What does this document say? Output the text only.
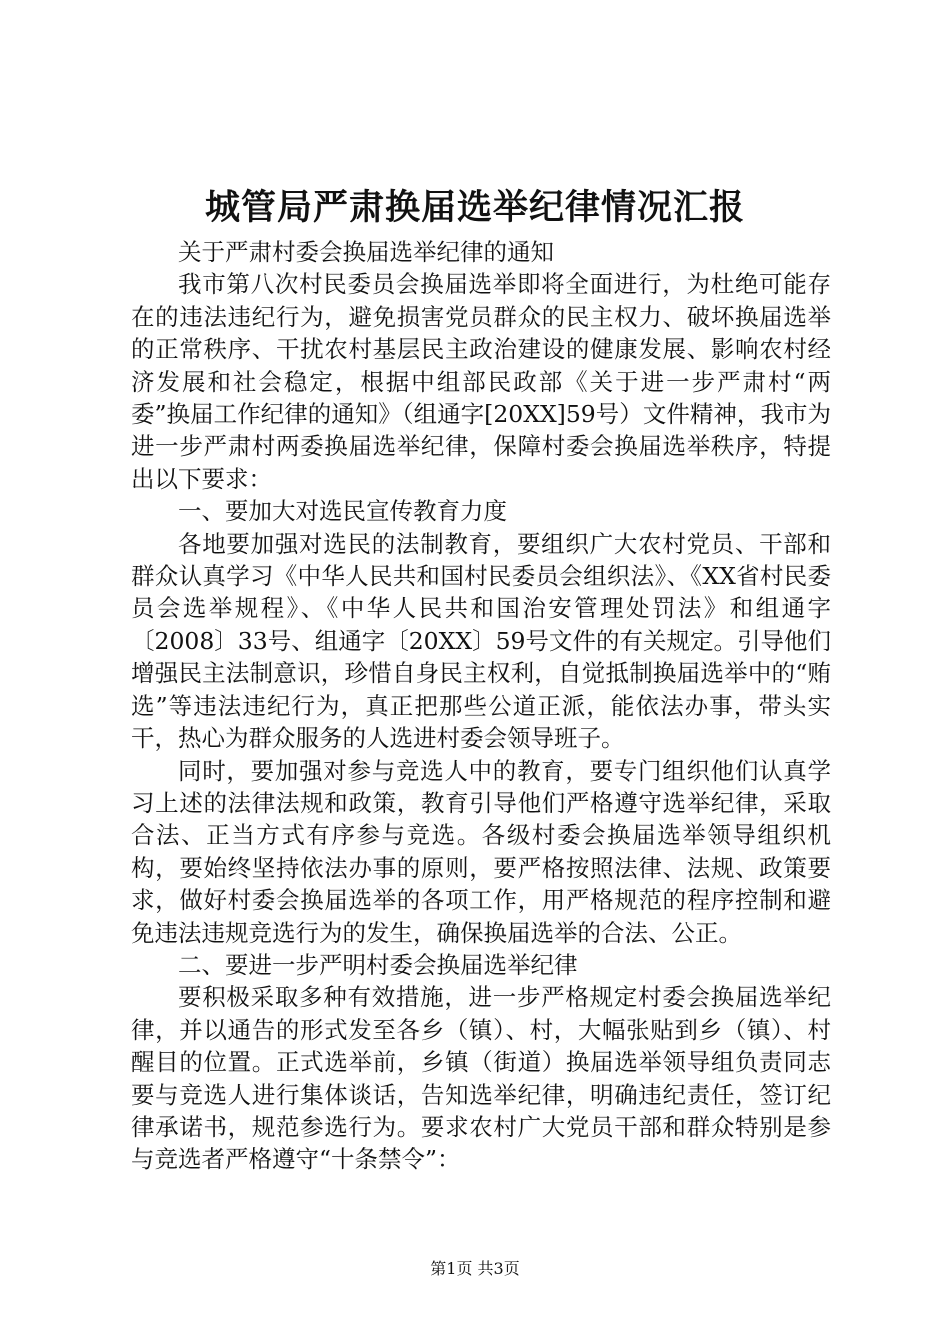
城管局严肃换届选举纪律情况汇报

关于严肃村委会换届选举纪律的通知

我市第八次村民委员会换届选举即将全面进行，为杜绝可能存在的违法违纪行为，避免损害党员群众的民主权力、破坏换届选举的正常秩序、干扰农村基层民主政治建设的健康发展、影响农村经济发展和社会稳定，根据中组部民政部《关于进一步严肃村“两委”换届工作纪律的通知》（组通字[20XX]59号）文件精神，我市为进一步严肃村两委换届选举纪律，保障村委会换届选举秩序，特提出以下要求：

一、要加大对选民宣传教育力度

各地要加强对选民的法制教育，要组织广大农村党员、干部和群众认真学习《中华人民共和国村民委员会组织法》、《XX省村民委员会选举规程》、《中华人民共和国治安管理处罚法》和组通字〔2008〕33号、组通字〔20XX〕59号文件的有关规定。引导他们增强民主法制意识，珍惜自身民主权利，自觉抵制换届选举中的“贿选”等违法违纪行为，真正把那些公道正派，能依法办事，带头实干，热心为群众服务的人选进村委会领导班子。

同时，要加强对参与竞选人中的教育，要专门组织他们认真学习上述的法律法规和政策，教育引导他们严格遵守选举纪律，采取合法、正当方式有序参与竞选。各级村委会换届选举领导组织机构，要始终坚持依法办事的原则，要严格按照法律、法规、政策要求，做好村委会换届选举的各项工作，用严格规范的程序控制和避免违法违规竞选行为的发生，确保换届选举的合法、公正。

二、要进一步严明村委会换届选举纪律

要积极采取多种有效措施，进一步严格规定村委会换届选举纪律，并以通告的形式发至各乡（镇）、村，大幅张贴到乡（镇）、村醒目的位置。正式选举前，乡镇（街道）换届选举领导组负责同志要与竞选人进行集体谈话，告知选举纪律，明确违纪责任，签订纪律承诺书，规范参选行为。要求农村广大党员干部和群众特别是参与竞选者严格遵守“十条禁令”：

第1页 共3页
